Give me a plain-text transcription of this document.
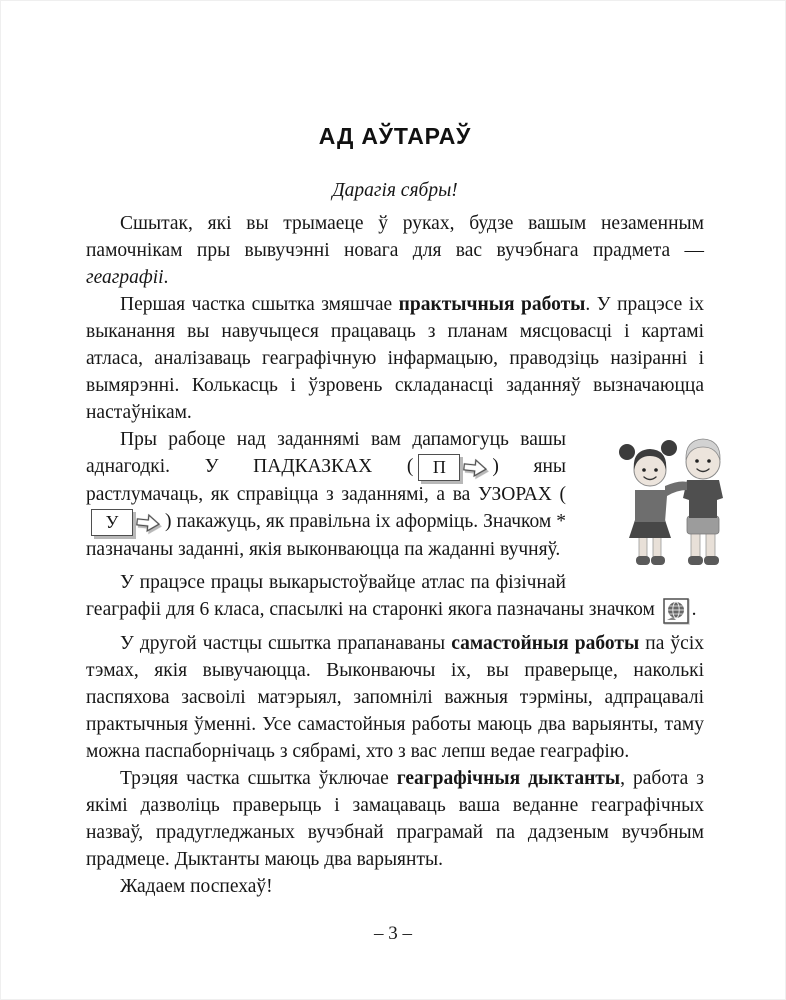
АД АЎТАРАЎ

Дарагія сябры!

Сшытак, які вы трымаеце ў руках, будзе вашым незаменным памочнікам пры вывучэнні новага для вас вучэбнага прадмета — геаграфіі.

Першая частка сшытка змяшчае практычныя работы. У працэсе іх выканання вы навучыцеся працаваць з планам мясцовасці і картамі атласа, аналізаваць геаграфічную інфармацыю, праводзіць назіранні і вымярэнні. Колькасць і ўзровень складанасці заданняў вызначаюцца настаўнікам.

Пры рабоце над заданнямі вам дапамогуць вашы аднагодкі. У ПАДКАЗКАХ (	П	) яны растлумачаць, як справіцца з заданнямі, а ва УЗОРАХ (
У	) пакажуць, як правільна іх аформіць. Значком * пазначаны заданні, якія выконваюцца па жаданні вучняў.

У працэсе працы выкарыстоўвайце атлас па фізічнай геаграфіі для 6 класа, спасылкі на старонкі якога пазначаны значком .

У другой частцы сшытка прапанаваны самастойныя работы па ўсіх тэмах, якія вывучаюцца. Выконваючы іх, вы праверыце, наколькі паспяхова засвоілі матэрыял, запомнілі важныя тэрміны, адпрацавалі практычныя ўменні. Усе самастойныя работы маюць два варыянты, таму можна паспаборнічаць з сябрамі, хто з вас лепш ведае геаграфію.

Трэцяя частка сшытка ўключае геаграфічныя дыктанты, работа з якімі дазволіць праверыць і замацаваць ваша веданне геаграфічных назваў, прадугледжаных вучэбнай праграмай па дадзеным вучэбным прадмеце. Дыктанты маюць два варыянты.

Жадаем поспехаў!

– 3 –
